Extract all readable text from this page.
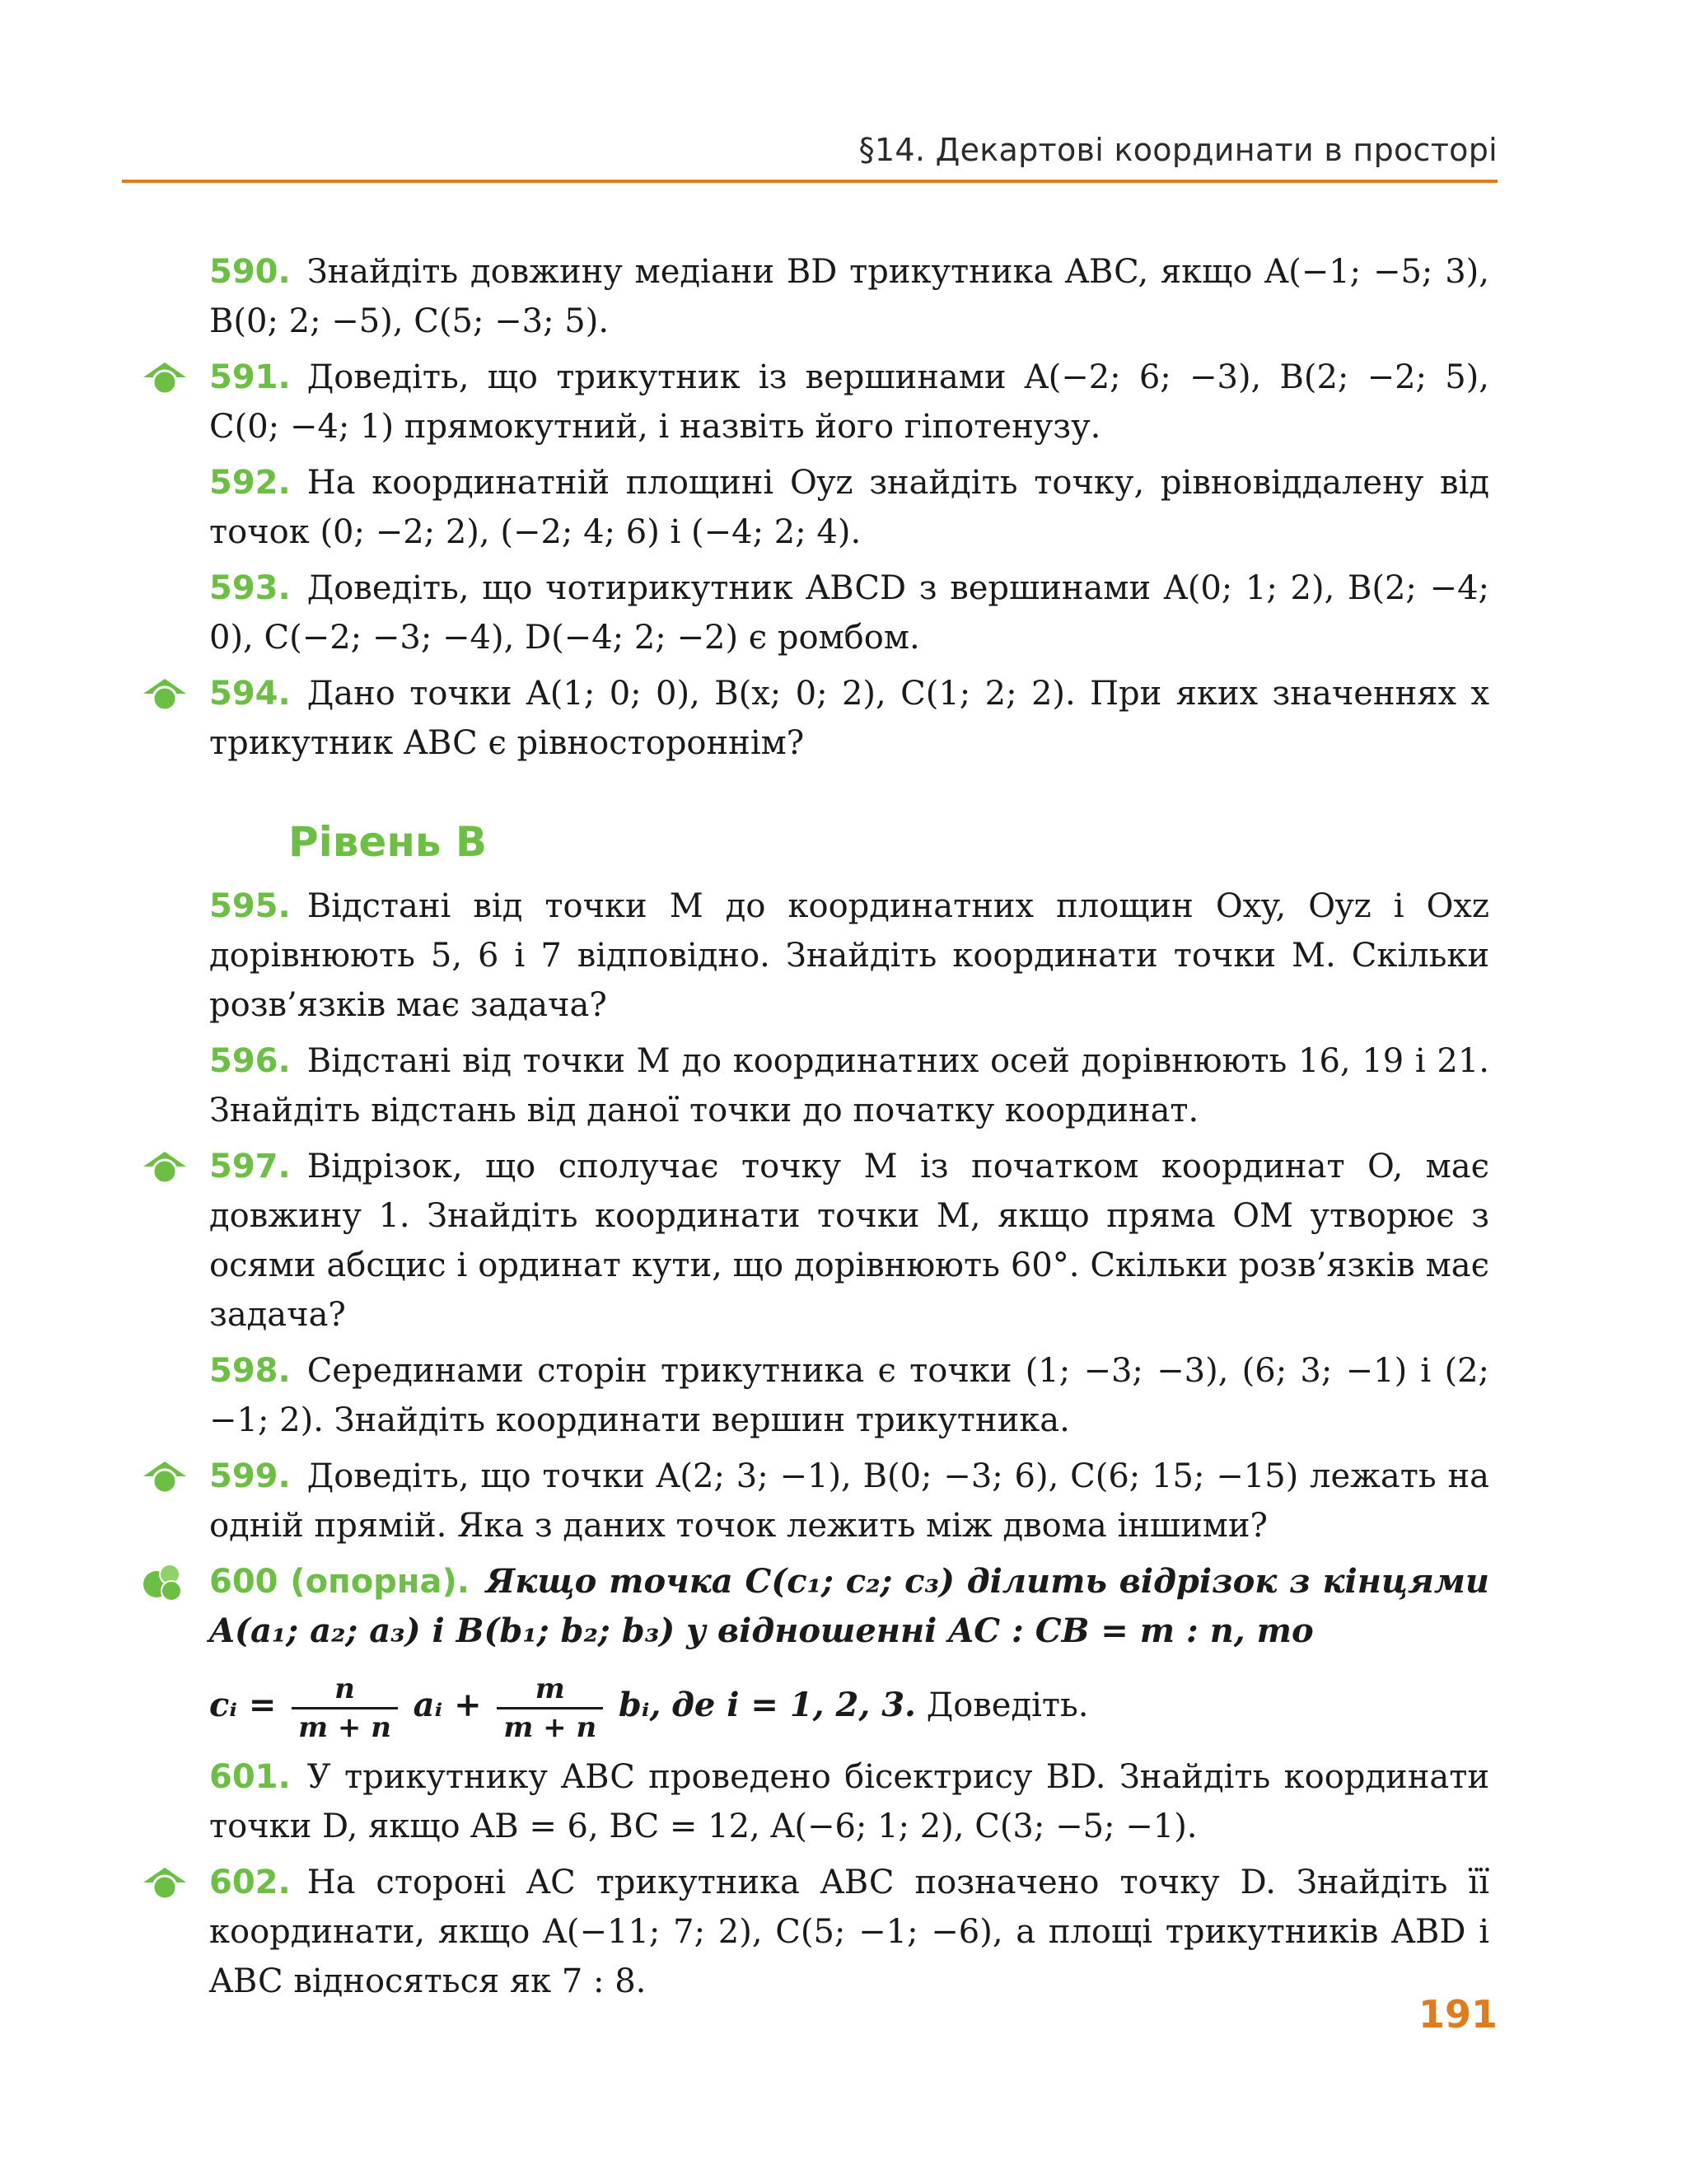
§14. Декартові координати в просторі
590. Знайдіть довжину медіани BD трикутника ABC, якщо A(−1; −5; 3), B(0; 2; −5), C(5; −3; 5).
591. Доведіть, що трикутник із вершинами A(−2; 6; −3), B(2; −2; 5), C(0; −4; 1) прямокутний, і назвіть його гіпотенузу.
592. На координатній площині Oyz знайдіть точку, рівновіддалену від точок (0; −2; 2), (−2; 4; 6) і (−4; 2; 4).
593. Доведіть, що чотирикутник ABCD з вершинами A(0; 1; 2), B(2; −4; 0), C(−2; −3; −4), D(−4; 2; −2) є ромбом.
594. Дано точки A(1; 0; 0), B(x; 0; 2), C(1; 2; 2). При яких значеннях x трикутник ABC є рівностороннім?
Рівень В
595. Відстані від точки M до координатних площин Oxy, Oyz і Oxz дорівнюють 5, 6 і 7 відповідно. Знайдіть координати точки M. Скільки розв’язків має задача?
596. Відстані від точки M до координатних осей дорівнюють 16, 19 і 21. Знайдіть відстань від даної точки до початку координат.
597. Відрізок, що сполучає точку M із початком координат O, має довжину 1. Знайдіть координати точки M, якщо пряма OM утворює з осями абсцис і ординат кути, що дорівнюють 60°. Скільки розв’язків має задача?
598. Серединами сторін трикутника є точки (1; −3; −3), (6; 3; −1) і (2; −1; 2). Знайдіть координати вершин трикутника.
599. Доведіть, що точки A(2; 3; −1), B(0; −3; 6), C(6; 15; −15) лежать на одній прямій. Яка з даних точок лежить між двома іншими?
600 (опорна). Якщо точка C(c₁; c₂; c₃) ділить відрізок з кінцями A(a₁; a₂; a₃) і B(b₁; b₂; b₃) у відношенні AC : CB = m : n, то
cᵢ = $\frac{n}{m + n}$ aᵢ + $\frac{m}{m + n}$ bᵢ, де i = 1, 2, 3. Доведіть.
601. У трикутнику ABC проведено бісектрису BD. Знайдіть координати точки D, якщо AB = 6, BC = 12, A(−6; 1; 2), C(3; −5; −1).
602. На стороні AC трикутника ABC позначено точку D. Знайдіть її координати, якщо A(−11; 7; 2), C(5; −1; −6), а площі трикутників ABD і ABC відносяться як 7 : 8.
191
